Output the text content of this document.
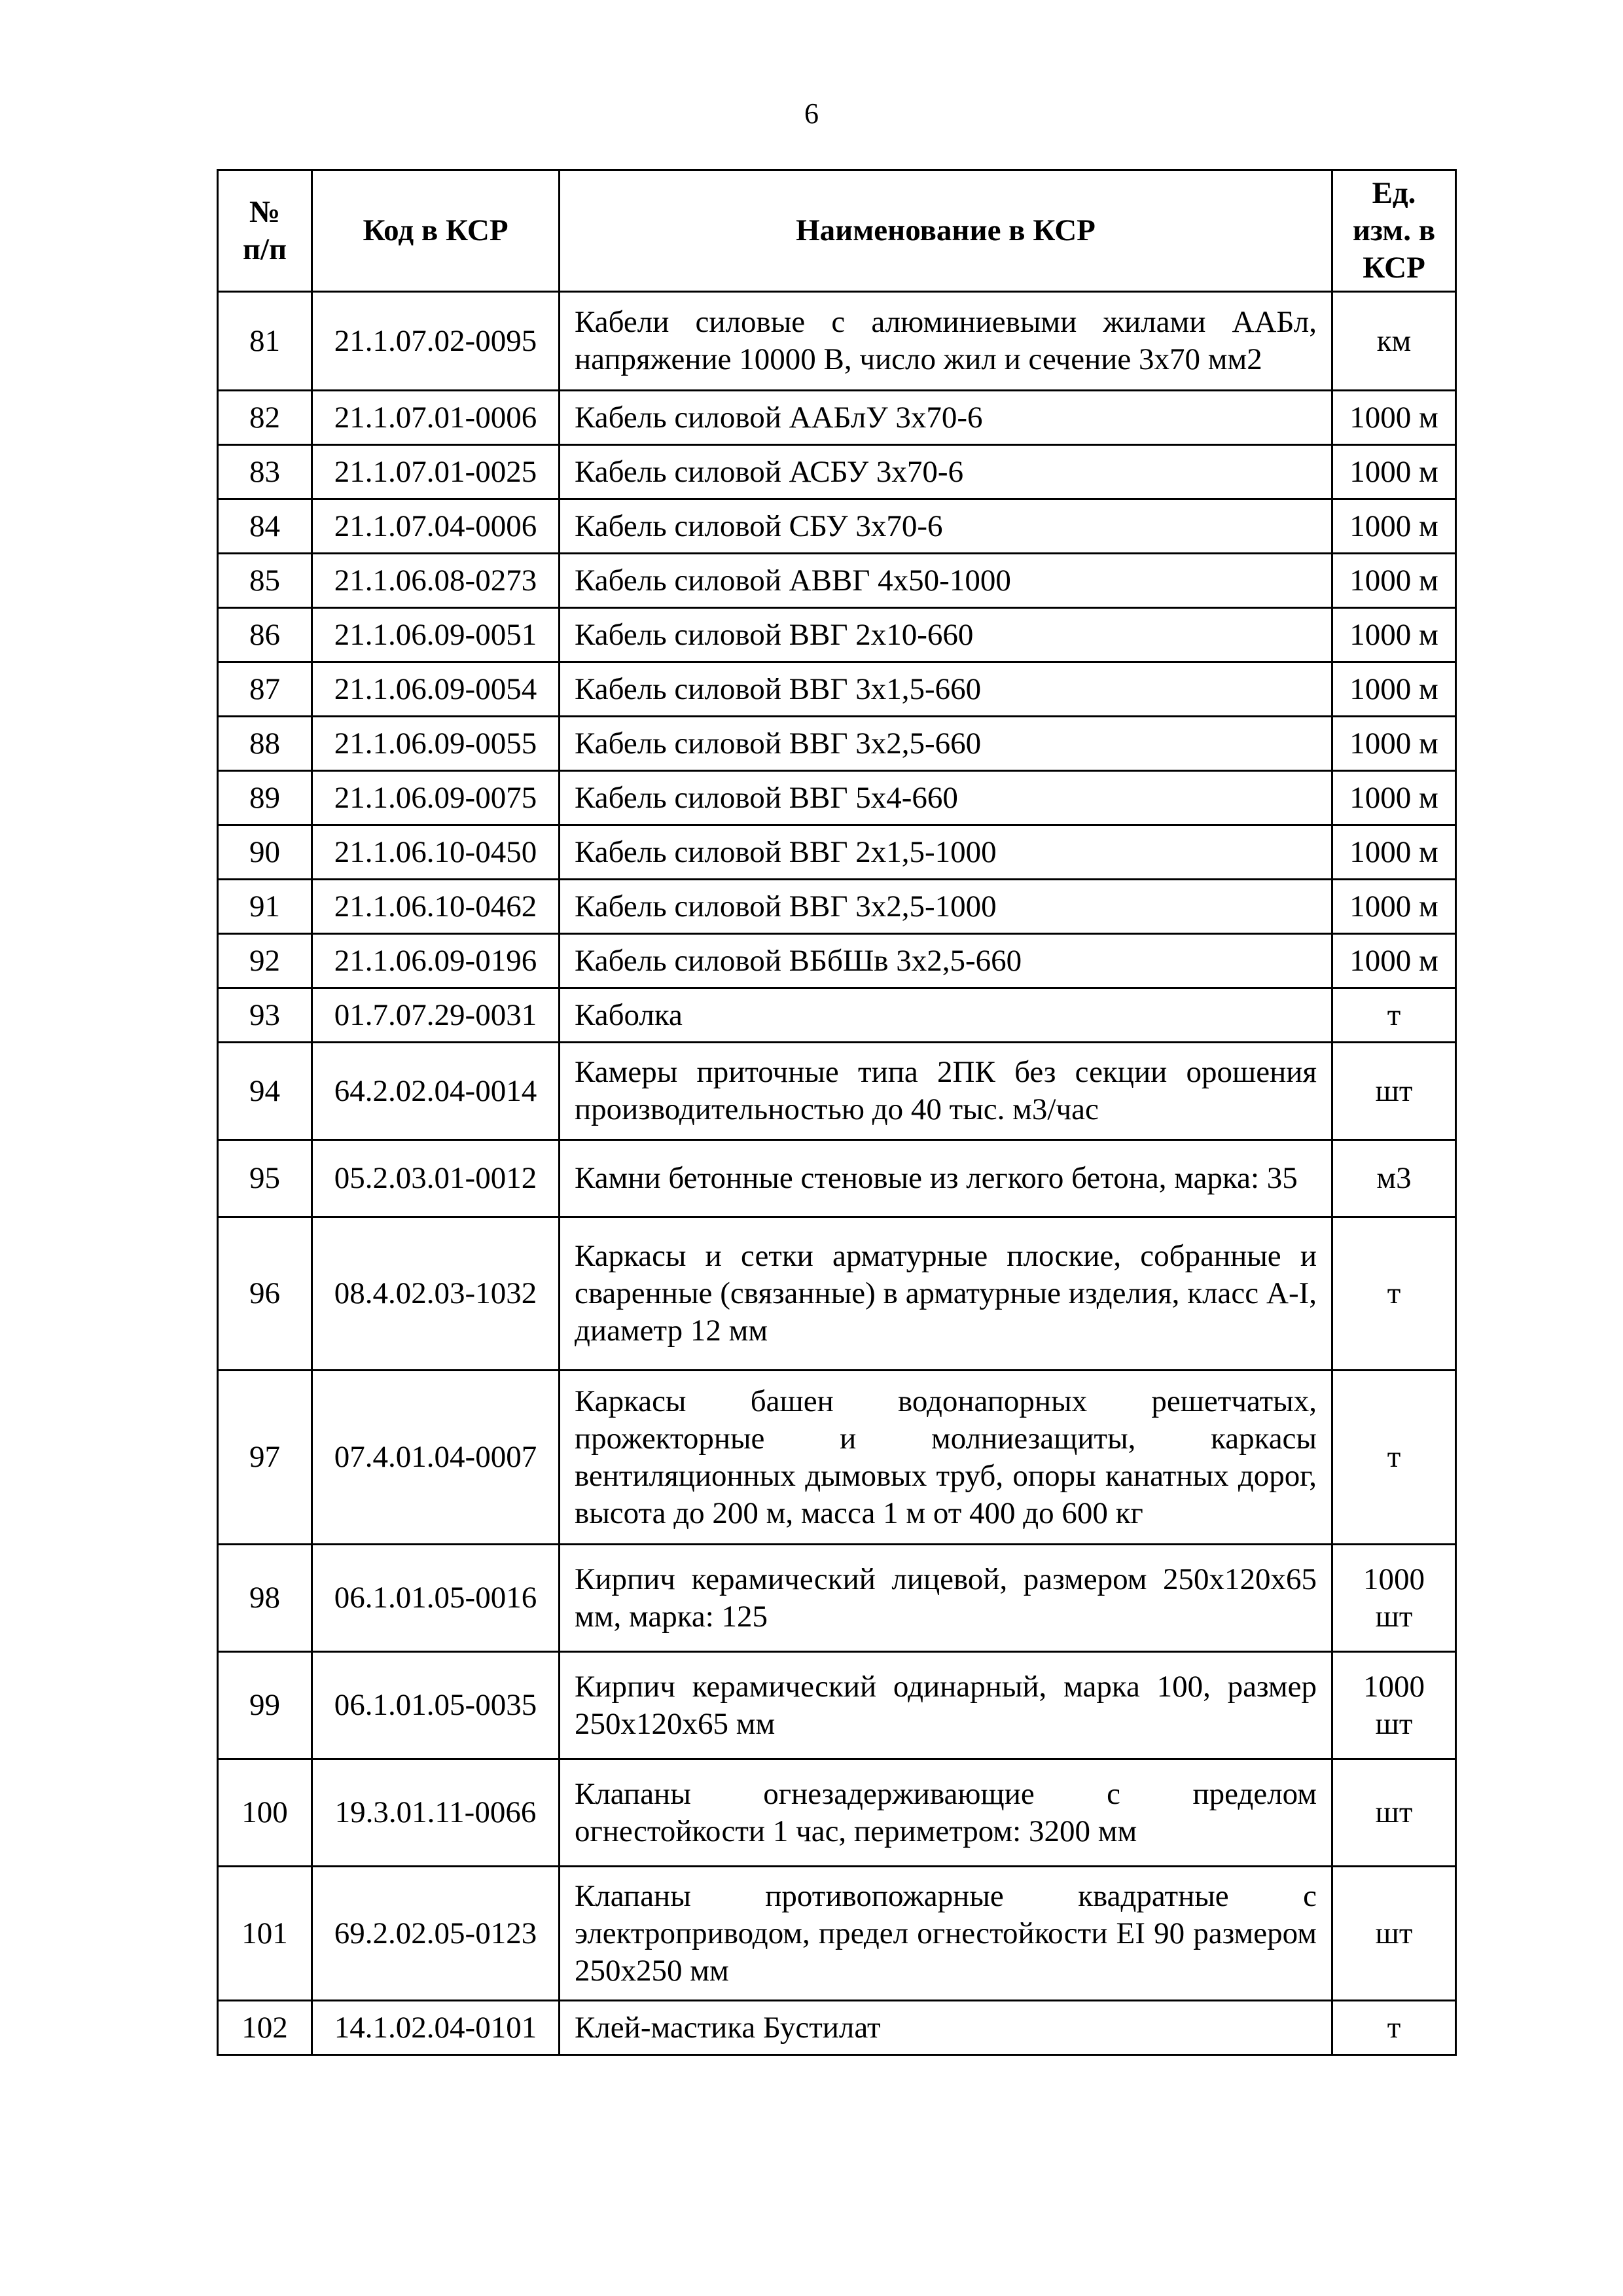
6
№ п/п	Код в КСР	Наименование в КСР	Ед. изм. в КСР
81	21.1.07.02-0095	Кабели силовые с алюминиевыми жилами ААБл, напряжение 10000 В, число жил и сечение 3х70 мм2	км
82	21.1.07.01-0006	Кабель силовой ААБлУ 3х70-6	1000 м
83	21.1.07.01-0025	Кабель силовой АСБУ 3х70-6	1000 м
84	21.1.07.04-0006	Кабель силовой СБУ 3х70-6	1000 м
85	21.1.06.08-0273	Кабель силовой АВВГ 4х50-1000	1000 м
86	21.1.06.09-0051	Кабель силовой ВВГ 2х10-660	1000 м
87	21.1.06.09-0054	Кабель силовой ВВГ 3х1,5-660	1000 м
88	21.1.06.09-0055	Кабель силовой ВВГ 3х2,5-660	1000 м
89	21.1.06.09-0075	Кабель силовой ВВГ 5х4-660	1000 м
90	21.1.06.10-0450	Кабель силовой ВВГ 2х1,5-1000	1000 м
91	21.1.06.10-0462	Кабель силовой ВВГ 3х2,5-1000	1000 м
92	21.1.06.09-0196	Кабель силовой ВБбШв 3х2,5-660	1000 м
93	01.7.07.29-0031	Каболка	т
94	64.2.02.04-0014	Камеры приточные типа 2ПК без секции орошения производительностью до 40 тыс. м3/час	шт
95	05.2.03.01-0012	Камни бетонные стеновые из легкого бетона, марка: 35	м3
96	08.4.02.03-1032	Каркасы и сетки арматурные плоские, собранные и сваренные (связанные) в арматурные изделия, класс А-I, диаметр 12 мм	т
97	07.4.01.04-0007	Каркасы башен водонапорных решетчатых, прожекторные и молниезащиты, каркасы вентиляционных дымовых труб, опоры канатных дорог, высота до 200 м, масса 1 м от 400 до 600 кг	т
98	06.1.01.05-0016	Кирпич керамический лицевой, размером 250х120х65 мм, марка: 125	1000 шт
99	06.1.01.05-0035	Кирпич керамический одинарный, марка 100, размер 250х120х65 мм	1000 шт
100	19.3.01.11-0066	Клапаны огнезадерживающие с пределом огнестойкости 1 час, периметром: 3200 мм	шт
101	69.2.02.05-0123	Клапаны противопожарные квадратные с электроприводом, предел огнестойкости EI 90 размером 250х250 мм	шт
102	14.1.02.04-0101	Клей-мастика Бустилат	т
